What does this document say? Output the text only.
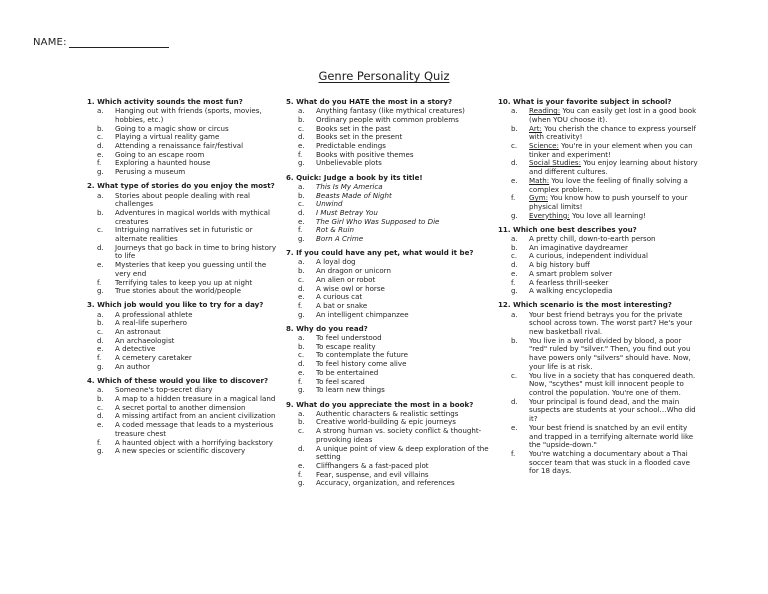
NAME:
Genre Personality Quiz
1. Which activity sounds the most fun?
a.	Hanging out with friends (sports, movies, hobbies, etc.)
b.	Going to a magic show or circus
c.	Playing a virtual reality game
d.	Attending a renaissance fair/festival
e.	Going to an escape room
f.	Exploring a haunted house
g.	Perusing a museum
2. What type of stories do you enjoy the most?
a.	Stories about people dealing with real challenges
b.	Adventures in magical worlds with mythical creatures
c.	Intriguing narratives set in futuristic or alternate realities
d.	Journeys that go back in time to bring history to life
e.	Mysteries that keep you guessing until the very end
f.	Terrifying tales to keep you up at night
g.	True stories about the world/people
3. Which job would you like to try for a day?
a.	A professional athlete
b.	A real-life superhero
c.	An astronaut
d.	An archaeologist
e.	A detective
f.	A cemetery caretaker
g.	An author
4. Which of these would you like to discover?
a.	Someone's top-secret diary
b.	A map to a hidden treasure in a magical land
c.	A secret portal to another dimension
d.	A missing artifact from an ancient civilization
e.	A coded message that leads to a mysterious treasure chest
f.	A haunted object with a horrifying backstory
g.	A new species or scientific discovery
5. What do you HATE the most in a story?
a.	Anything fantasy (like mythical creatures)
b.	Ordinary people with common problems
c.	Books set in the past
d.	Books set in the present
e.	Predictable endings
f.	Books with positive themes
g.	Unbelievable plots
6. Quick: Judge a book by its title!
a.	This Is My America
b.	Beasts Made of Night
c.	Unwind
d.	I Must Betray You
e.	The Girl Who Was Supposed to Die
f.	Rot & Ruin
g.	Born A Crime
7. If you could have any pet, what would it be?
a.	A loyal dog
b.	An dragon or unicorn
c.	An alien or robot
d.	A wise owl or horse
e.	A curious cat
f.	A bat or snake
g.	An intelligent chimpanzee
8. Why do you read?
a.	To feel understood
b.	To escape reality
c.	To contemplate the future
d.	To feel history come alive
e.	To be entertained
f.	To feel scared
g.	To learn new things
9. What do you appreciate the most in a book?
a.	Authentic characters & realistic settings
b.	Creative world-building & epic journeys
c.	A strong human vs. society conflict & thought-provoking ideas
d.	A unique point of view & deep exploration of the setting
e.	Cliffhangers & a fast-paced plot
f.	Fear, suspense, and evil villains
g.	Accuracy, organization, and references
10. What is your favorite subject in school?
a.	Reading: You can easily get lost in a good book (when YOU choose it).
b.	Art: You cherish the chance to express yourself with creativity!
c.	Science: You're in your element when you can tinker and experiment!
d.	Social Studies: You enjoy learning about history and different cultures.
e.	Math: You love the feeling of finally solving a complex problem.
f.	Gym: You know how to push yourself to your physical limits!
g.	Everything: You love all learning!
11. Which one best describes you?
a.	A pretty chill, down-to-earth person
b.	An imaginative daydreamer
c.	A curious, independent individual
d.	A big history buff
e.	A smart problem solver
f.	A fearless thrill-seeker
g.	A walking encyclopedia
12. Which scenario is the most interesting?
a.	Your best friend betrays you for the private school across town. The worst part? He's your new basketball rival.
b.	You live in a world divided by blood, a poor "red" ruled by "silver." Then, you find out you have powers only "silvers" should have. Now, your life is at risk.
c.	You live in a society that has conquered death. Now, "scythes" must kill innocent people to control the population. You're one of them.
d.	Your principal is found dead, and the main suspects are students at your school…Who did it?
e.	Your best friend is snatched by an evil entity and trapped in a terrifying alternate world like the "upside-down."
f.	You're watching a documentary about a Thai soccer team that was stuck in a flooded cave for 18 days.
